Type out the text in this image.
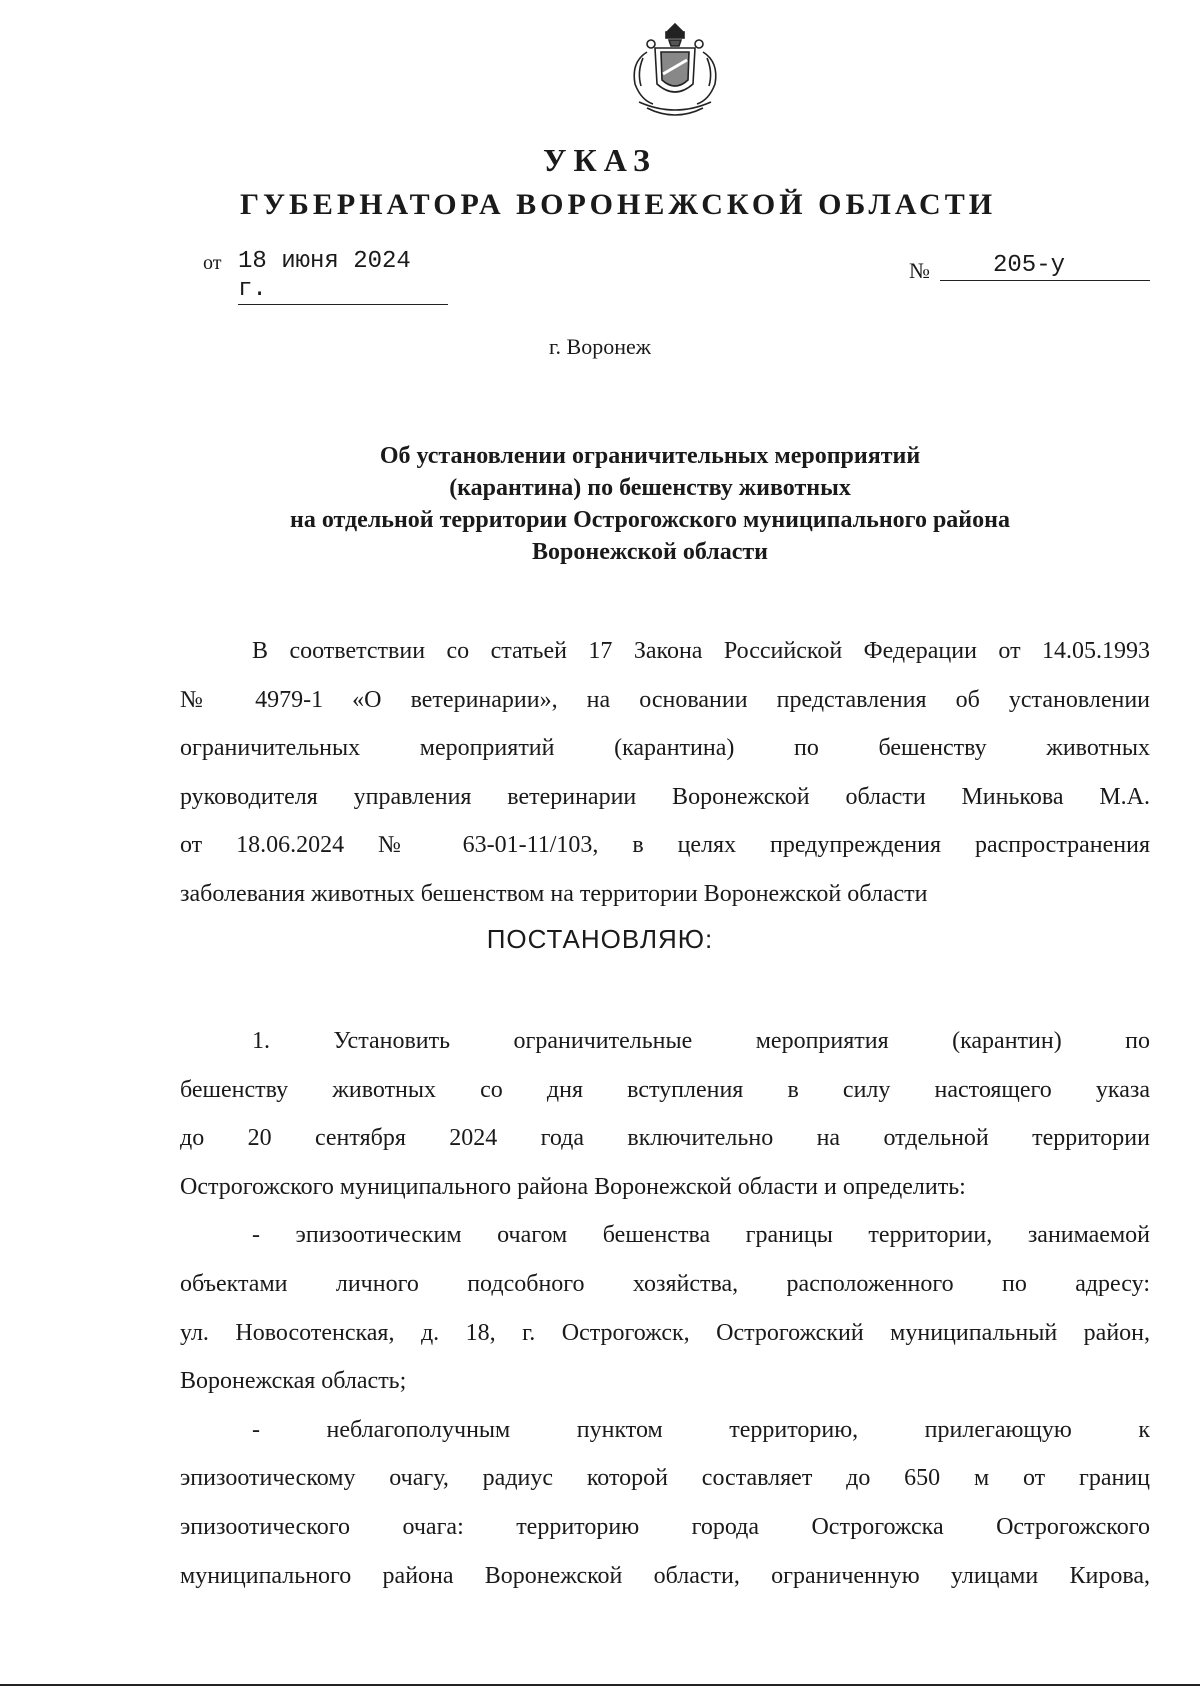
УКАЗ
ГУБЕРНАТОРА ВОРОНЕЖСКОЙ ОБЛАСТИ
от 18 июня 2024 г.
№	205-у
г. Воронеж
Об установлении ограничительных мероприятий
(карантина) по бешенству животных
на отдельной территории Острогожского муниципального района
Воронежской области
В соответствии со статьей 17 Закона Российской Федерации от 14.05.1993
№ 4979-1 «О ветеринарии», на основании представления об установлении
ограничительных мероприятий (карантина) по бешенству животных
руководителя управления ветеринарии Воронежской области Минькова М.А.
от 18.06.2024 № 63-01-11/103, в целях предупреждения распространения
заболевания животных бешенством на территории Воронежской области
ПОСТАНОВЛЯЮ:
1. Установить ограничительные мероприятия (карантин) по
бешенству животных со дня вступления в силу настоящего указа
до 20 сентября 2024 года включительно на отдельной территории
Острогожского муниципального района Воронежской области и определить:
- эпизоотическим очагом бешенства границы территории, занимаемой
объектами личного подсобного хозяйства, расположенного по адресу:
ул. Новосотенская, д. 18, г. Острогожск, Острогожский муниципальный район,
Воронежская область;
- неблагополучным пунктом территорию, прилегающую к
эпизоотическому очагу, радиус которой составляет до 650 м от границ
эпизоотического очага: территорию города Острогожска Острогожского
муниципального района Воронежской области, ограниченную улицами Кирова,
